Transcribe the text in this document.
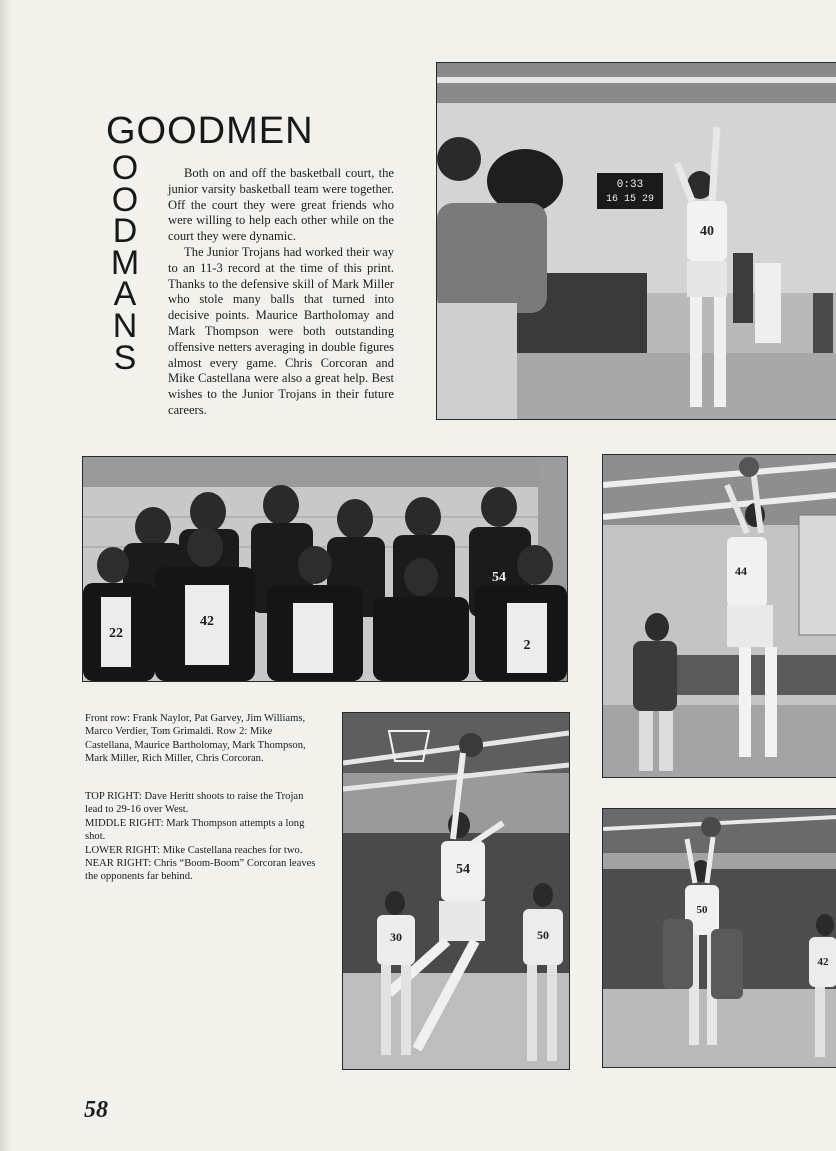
GOODMEN
O
O
D
M
A
N
S

Both on and off the basketball court, the junior varsity basketball team were together. Off the court they were great friends who were willing to help each other while on the court they were dynamic.

The Junior Trojans had worked their way to an 11-3 record at the time of this print. Thanks to the defensive skill of Mark Miller who stole many balls that turned into decisive points. Maurice Bartholomay and Mark Thompson were both outstanding offensive netters averaging in double figures almost every game. Chris Corcoran and Mike Castellana were also a great help. Best wishes to the Junior Trojans in their future careers.

0:33
16 15 29
40
22
42
54
2
44

Front row: Frank Naylor, Pat Garvey, Jim Williams, Marco Verdier, Tom Grimaldi. Row 2: Mike Castellana, Maurice Bartholomay, Mark Thompson, Mark Miller, Rich Miller, Chris Corcoran.

TOP RIGHT: Dave Heritt shoots to raise the Trojan lead to 29-16 over West.

MIDDLE RIGHT: Mark Thompson attempts a long shot.

LOWER RIGHT: Mike Castellana reaches for two.

NEAR RIGHT: Chris “Boom-Boom” Corcoran leaves the opponents far behind.	54
30	50
50
42
58
